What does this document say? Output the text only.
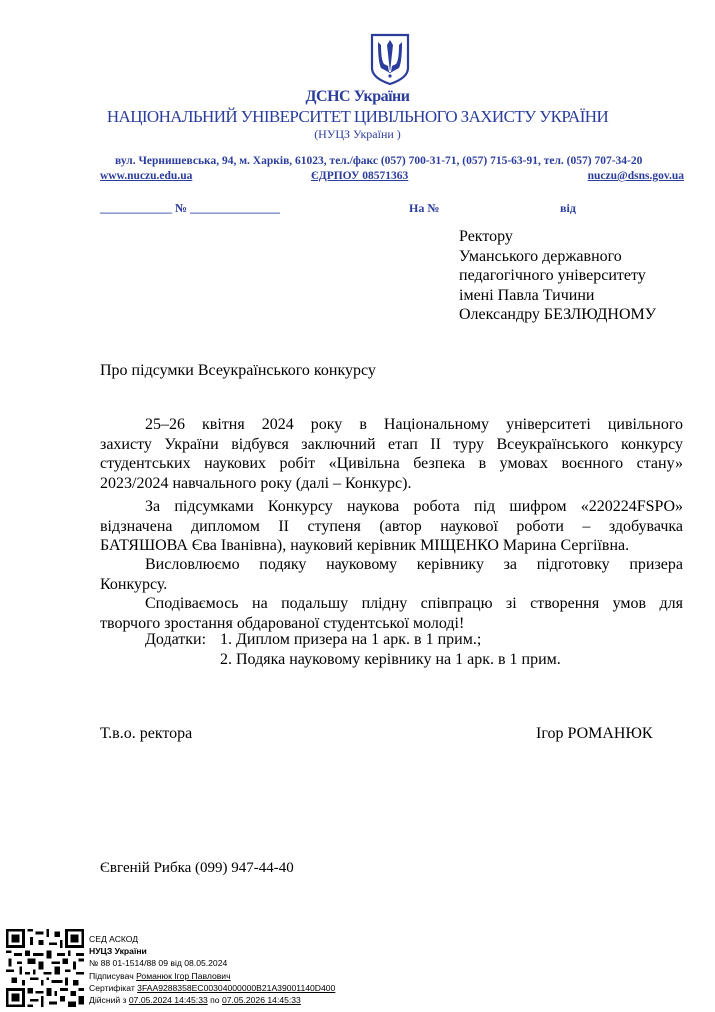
ДСНС України
НАЦІОНАЛЬНИЙ УНІВЕРСИТЕТ ЦИВІЛЬНОГО ЗАХИСТУ УКРАЇНИ
(НУЦЗ України )
вул. Чернишевська, 94, м. Харків, 61023, тел./факс (057) 700-31-71, (057) 715-63-91, тел. (057) 707-34-20
www.nuczu.edu.ua	ЄДРПОУ 08571363	nuczu@dsns.gov.ua
____________ № _______________	На №	від
Ректору
Уманського державного
педагогічного університету
імені Павла Тичини
Олександру БЕЗЛЮДНОМУ
Про підсумки Всеукраїнського конкурсу
25–26 квітня 2024 року в Національному університеті цивільного
захисту України відбувся заключний етап ІІ туру Всеукраїнського конкурсу
студентських наукових робіт «Цивільна безпека в умовах воєнного стану»
2023/2024 навчального року (далі – Конкурс).
За підсумками Конкурсу наукова робота під шифром «220224FSPO»
відзначена дипломом ІІ ступеня (автор наукової роботи – здобувачка
БАТЯШОВА Єва Іванівна), науковий керівник МІЩЕНКО Марина Сергіївна.
Висловлюємо подяку науковому керівнику за підготовку призера
Конкурсу.
Сподіваємось на подальшу плідну співпрацю зі створення умов для
творчого зростання обдарованої студентської молоді!
Додатки: 1. Диплом призера на 1 арк. в 1 прим.;
2. Подяка науковому керівнику на 1 арк. в 1 прим.
Т.в.о. ректора	Ігор РОМАНЮК
Євгеній Рибка (099) 947-44-40
СЕД АСКОД
НУЦЗ України
№ 88 01-1514/88 09 від 08.05.2024
Підписувач Романюк Ігор Павлович
Сертифікат 3FAA9288358EC00304000000B21A39001140D400
Дійсний з 07.05.2024 14:45:33 по 07.05.2026 14:45:33
